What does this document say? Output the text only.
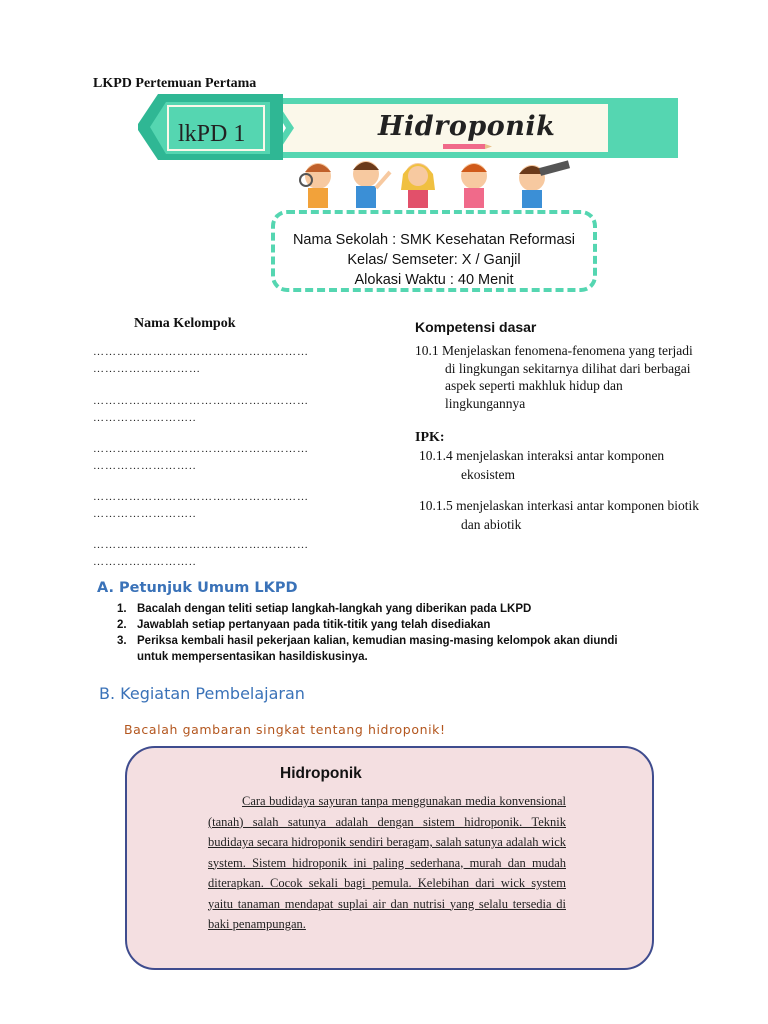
LKPD Pertemuan Pertama
lkPD 1	Hidroponik
Nama Sekolah : SMK Kesehatan Reformasi
Kelas/ Semseter: X / Ganjil
Alokasi Waktu : 40 Menit
Nama Kelompok
………………………………………………
………………………
………………………………………………
……………………..
………………………………………………
……………………..
………………………………………………
……………………..
………………………………………………
……………………..
Kompetensi dasar
10.1 Menjelaskan fenomena-fenomena yang terjadi
di lingkungan sekitarnya dilihat dari berbagai
aspek seperti makhluk hidup dan
lingkungannya
IPK:
10.1.4 menjelaskan interaksi antar komponen
ekosistem
10.1.5 menjelaskan interkasi antar komponen biotik
dan abiotik
A. Petunjuk Umum LKPD
1. Bacalah dengan teliti setiap langkah-langkah yang diberikan pada LKPD
2. Jawablah setiap pertanyaan pada titik-titik yang telah disediakan
3. Periksa kembali hasil pekerjaan kalian, kemudian masing-masing kelompok akan diundi untuk mempersentasikan hasildiskusinya.
B. Kegiatan Pembelajaran
Bacalah gambaran singkat tentang hidroponik!
Hidroponik
Cara budidaya sayuran tanpa menggunakan media konvensional (tanah) salah satunya adalah dengan sistem hidroponik. Teknik budidaya secara hidroponik sendiri beragam, salah satunya adalah wick system. Sistem hidroponik ini paling sederhana, murah dan mudah diterapkan. Cocok sekali bagi pemula. Kelebihan dari wick system yaitu tanaman mendapat suplai air dan nutrisi yang selalu tersedia di baki penampungan.
